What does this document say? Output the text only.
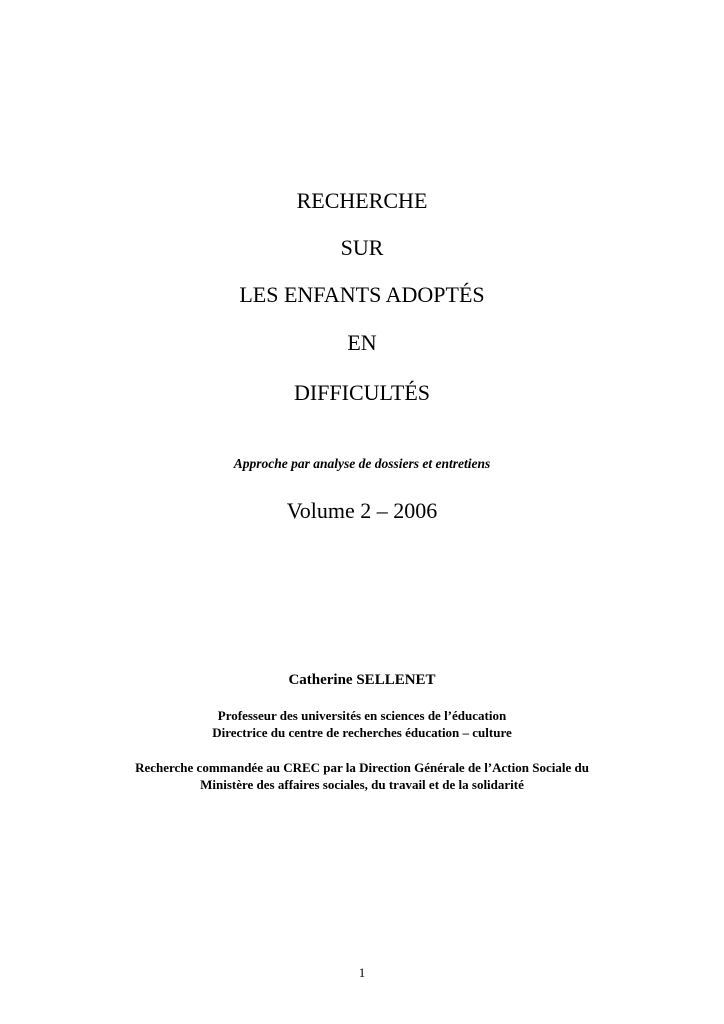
RECHERCHE
SUR
LES ENFANTS ADOPTÉS
EN
DIFFICULTÉS
Approche par analyse de dossiers et entretiens
Volume 2 – 2006
Catherine SELLENET
Professeur des universités en sciences de l’éducation
Directrice du centre de recherches éducation – culture
Recherche commandée au CREC par la Direction Générale de l’Action Sociale du
Ministère des affaires sociales, du travail et de la solidarité
1
